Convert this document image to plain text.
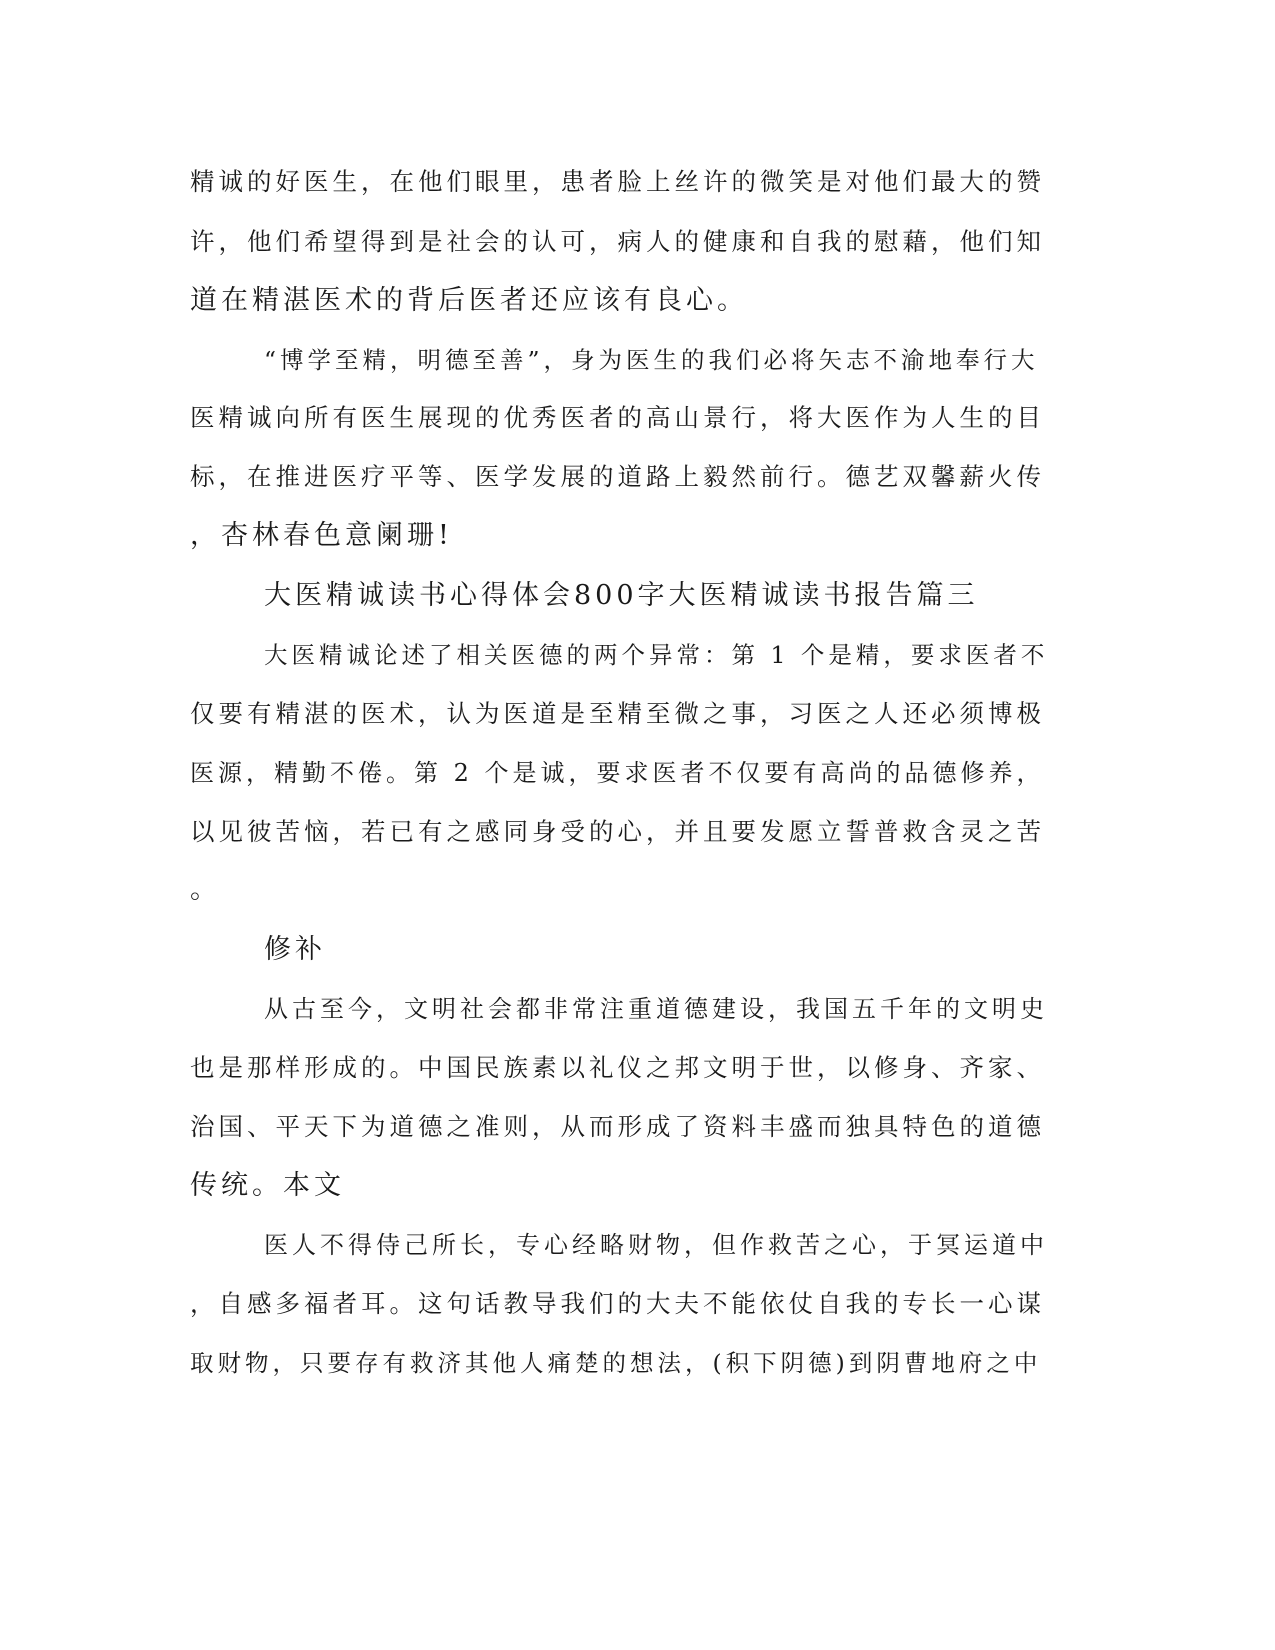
精诚的好医生，在他们眼里，患者脸上丝许的微笑是对他们最大的赞
许，他们希望得到是社会的认可，病人的健康和自我的慰藉，他们知
道在精湛医术的背后医者还应该有良心。
“博学至精，明德至善”，身为医生的我们必将矢志不渝地奉行大
医精诚向所有医生展现的优秀医者的高山景行，将大医作为人生的目
标，在推进医疗平等、医学发展的道路上毅然前行。德艺双馨薪火传
，杏林春色意阑珊!
大医精诚读书心得体会800字大医精诚读书报告篇三
大医精诚论述了相关医德的两个异常：第 1 个是精，要求医者不
仅要有精湛的医术，认为医道是至精至微之事，习医之人还必须博极
医源，精勤不倦。第 2 个是诚，要求医者不仅要有高尚的品德修养，
以见彼苦恼，若已有之感同身受的心，并且要发愿立誓普救含灵之苦
。
修补
从古至今，文明社会都非常注重道德建设，我国五千年的文明史
也是那样形成的。中国民族素以礼仪之邦文明于世，以修身、齐家、
治国、平天下为道德之准则，从而形成了资料丰盛而独具特色的道德
传统。本文
医人不得侍己所长，专心经略财物，但作救苦之心，于冥运道中
，自感多福者耳。这句话教导我们的大夫不能依仗自我的专长一心谋
取财物，只要存有救济其他人痛楚的想法，(积下阴德)到阴曹地府之中
